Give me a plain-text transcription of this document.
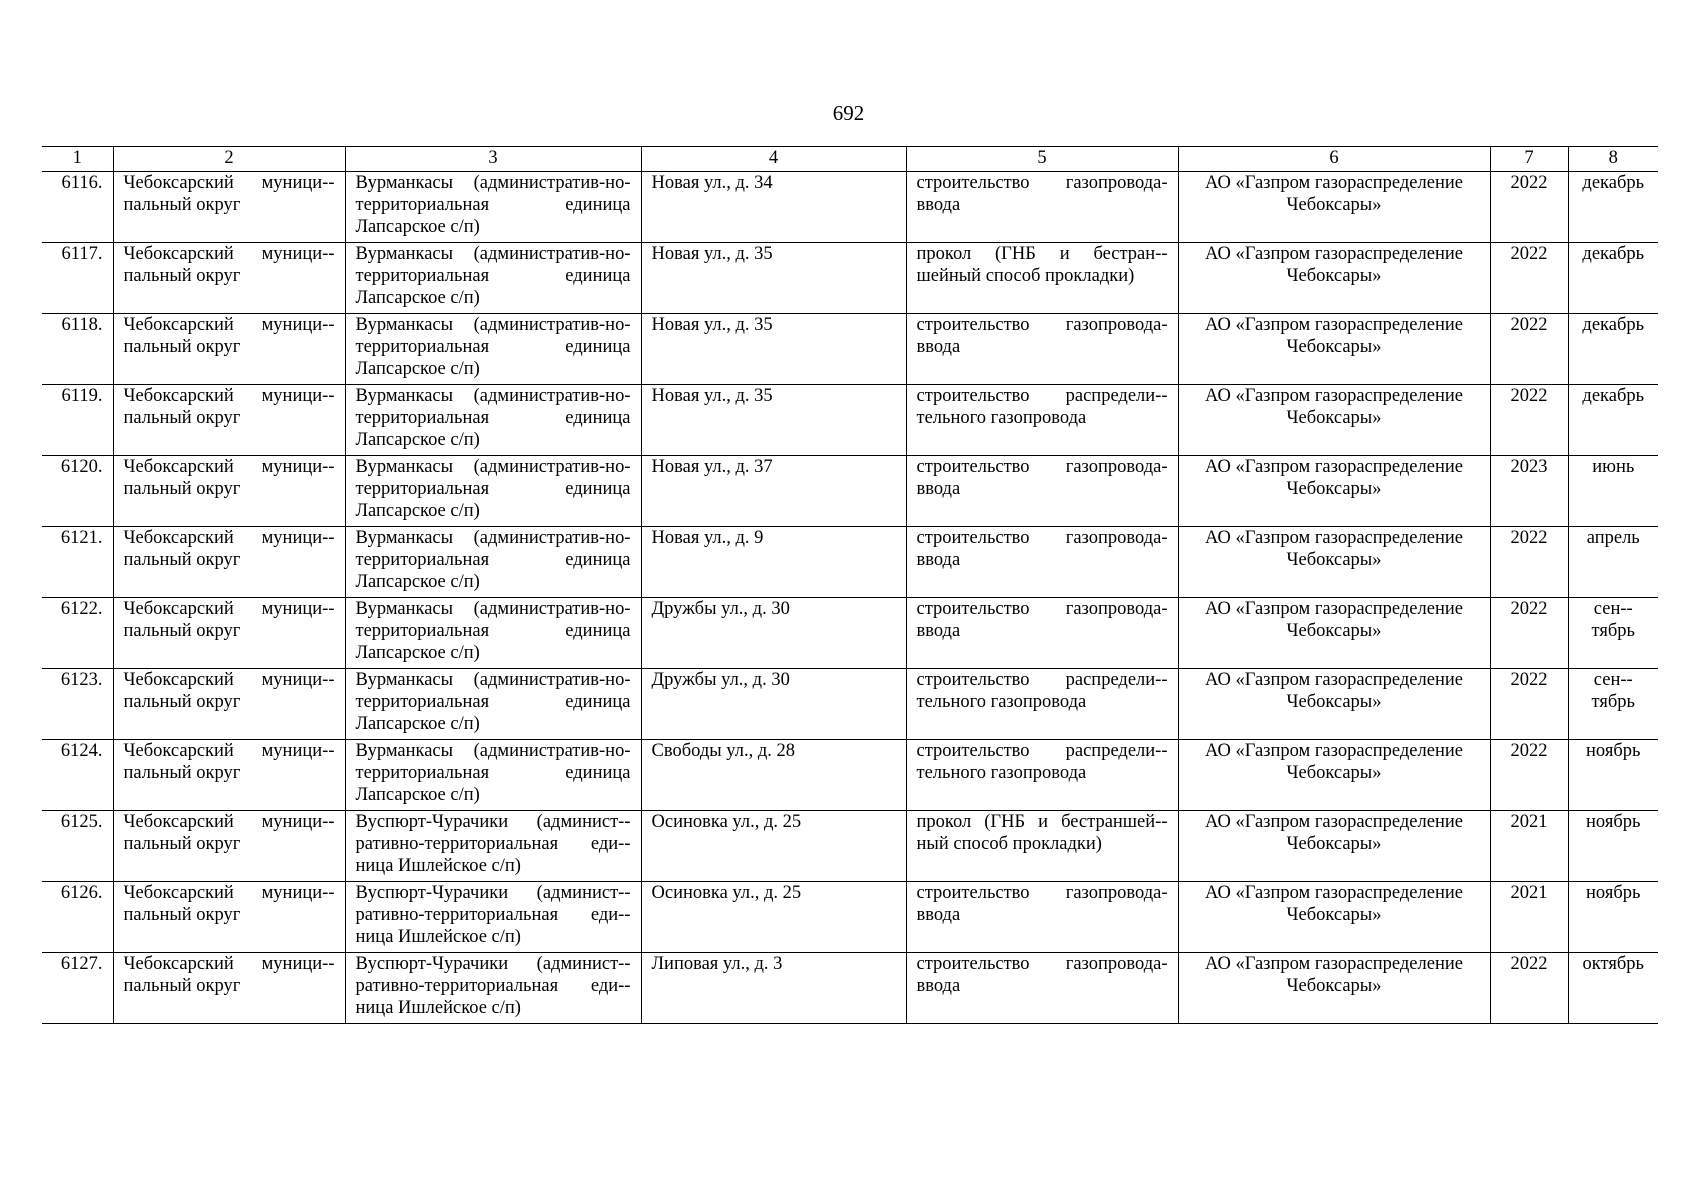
692
1	2	3	4	5	6	7	8
6116.	Чебоксарский муници-пальный округ	Вурманкасы (административ-но-территориальная единица Лапсарское с/п)	Новая ул., д. 34	строительство газопровода-ввода	АО «Газпром газораспределение Чебоксары»	2022	декабрь
6117.	Чебоксарский муници-пальный округ	Вурманкасы (административ-но-территориальная единица Лапсарское с/п)	Новая ул., д. 35	прокол (ГНБ и бестран-шейный способ прокладки)	АО «Газпром газораспределение Чебоксары»	2022	декабрь
6118.	Чебоксарский муници-пальный округ	Вурманкасы (административ-но-территориальная единица Лапсарское с/п)	Новая ул., д. 35	строительство газопровода-ввода	АО «Газпром газораспределение Чебоксары»	2022	декабрь
6119.	Чебоксарский муници-пальный округ	Вурманкасы (административ-но-территориальная единица Лапсарское с/п)	Новая ул., д. 35	строительство распредели-тельного газопровода	АО «Газпром газораспределение Чебоксары»	2022	декабрь
6120.	Чебоксарский муници-пальный округ	Вурманкасы (административ-но-территориальная единица Лапсарское с/п)	Новая ул., д. 37	строительство газопровода-ввода	АО «Газпром газораспределение Чебоксары»	2023	июнь
6121.	Чебоксарский муници-пальный округ	Вурманкасы (административ-но-территориальная единица Лапсарское с/п)	Новая ул., д. 9	строительство газопровода-ввода	АО «Газпром газораспределение Чебоксары»	2022	апрель
6122.	Чебоксарский муници-пальный округ	Вурманкасы (административ-но-территориальная единица Лапсарское с/п)	Дружбы ул., д. 30	строительство газопровода-ввода	АО «Газпром газораспределение Чебоксары»	2022	сен-тябрь
6123.	Чебоксарский муници-пальный округ	Вурманкасы (административ-но-территориальная единица Лапсарское с/п)	Дружбы ул., д. 30	строительство распредели-тельного газопровода	АО «Газпром газораспределение Чебоксары»	2022	сен-тябрь
6124.	Чебоксарский муници-пальный округ	Вурманкасы (административ-но-территориальная единица Лапсарское с/п)	Свободы ул., д. 28	строительство распредели-тельного газопровода	АО «Газпром газораспределение Чебоксары»	2022	ноябрь
6125.	Чебоксарский муници-пальный округ	Вуспюрт-Чурачики (админист-ративно-территориальная еди-ница Ишлейское с/п)	Осиновка ул., д. 25	прокол (ГНБ и бестраншей-ный способ прокладки)	АО «Газпром газораспределение Чебоксары»	2021	ноябрь
6126.	Чебоксарский муници-пальный округ	Вуспюрт-Чурачики (админист-ративно-территориальная еди-ница Ишлейское с/п)	Осиновка ул., д. 25	строительство газопровода-ввода	АО «Газпром газораспределение Чебоксары»	2021	ноябрь
6127.	Чебоксарский муници-пальный округ	Вуспюрт-Чурачики (админист-ративно-территориальная еди-ница Ишлейское с/п)	Липовая ул., д. 3	строительство газопровода-ввода	АО «Газпром газораспределение Чебоксары»	2022	октябрь
